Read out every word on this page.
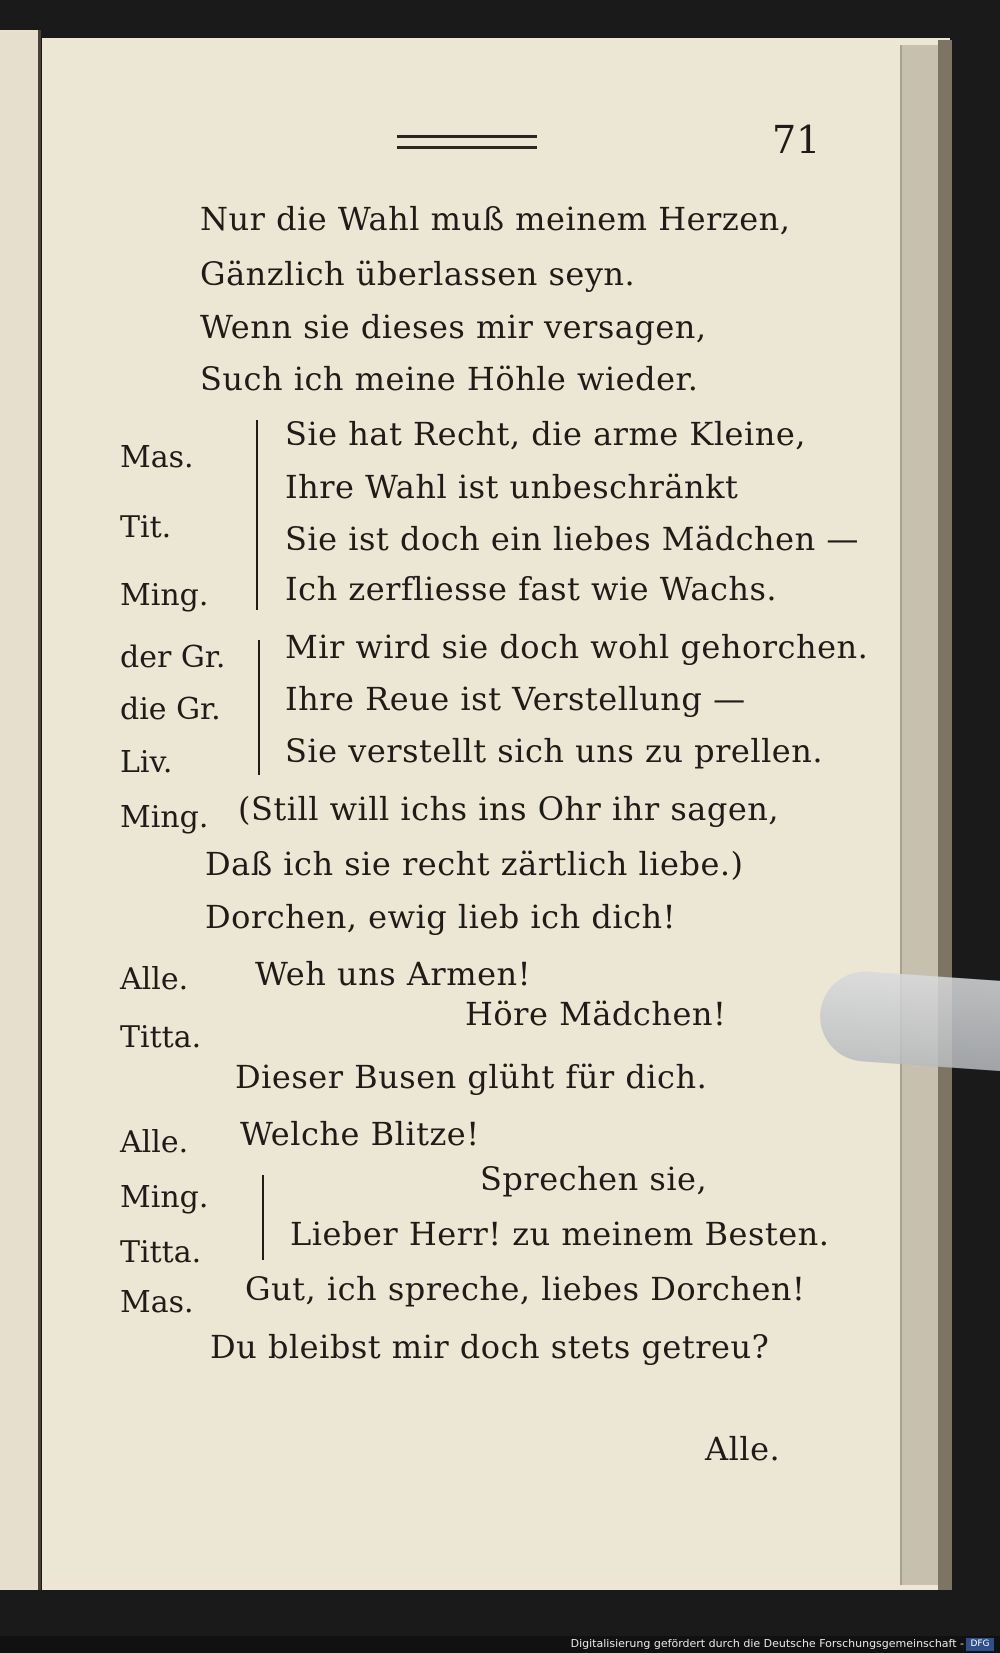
71
Nur die Wahl muß meinem Herzen,
Gänzlich überlassen seyn.
Wenn sie dieses mir versagen,
Such ich meine Höhle wieder.
Mas.
Tit.
Ming.
Sie hat Recht, die arme Kleine,
Ihre Wahl ist unbeschränkt
Sie ist doch ein liebes Mädchen —
Ich zerfliesse fast wie Wachs.
der Gr.
die Gr.
Liv.
Mir wird sie doch wohl gehorchen.
Ihre Reue ist Verstellung —
Sie verstellt sich uns zu prellen.
Ming. (Still will ichs ins Ohr ihr sagen,
Daß ich sie recht zärtlich liebe.)
Dorchen, ewig lieb ich dich!
Alle. Weh uns Armen!
Titta.
Höre Mädchen!
Dieser Busen glüht für dich.
Alle. Welche Blitze!
Ming.
Titta.
Sprechen sie,
Lieber Herr! zu meinem Besten.
Mas. Gut, ich spreche, liebes Dorchen!
Du bleibst mir doch stets getreu?
Alle.
Digitalisierung gefördert durch die Deutsche Forschungsgemeinschaft - DFG
